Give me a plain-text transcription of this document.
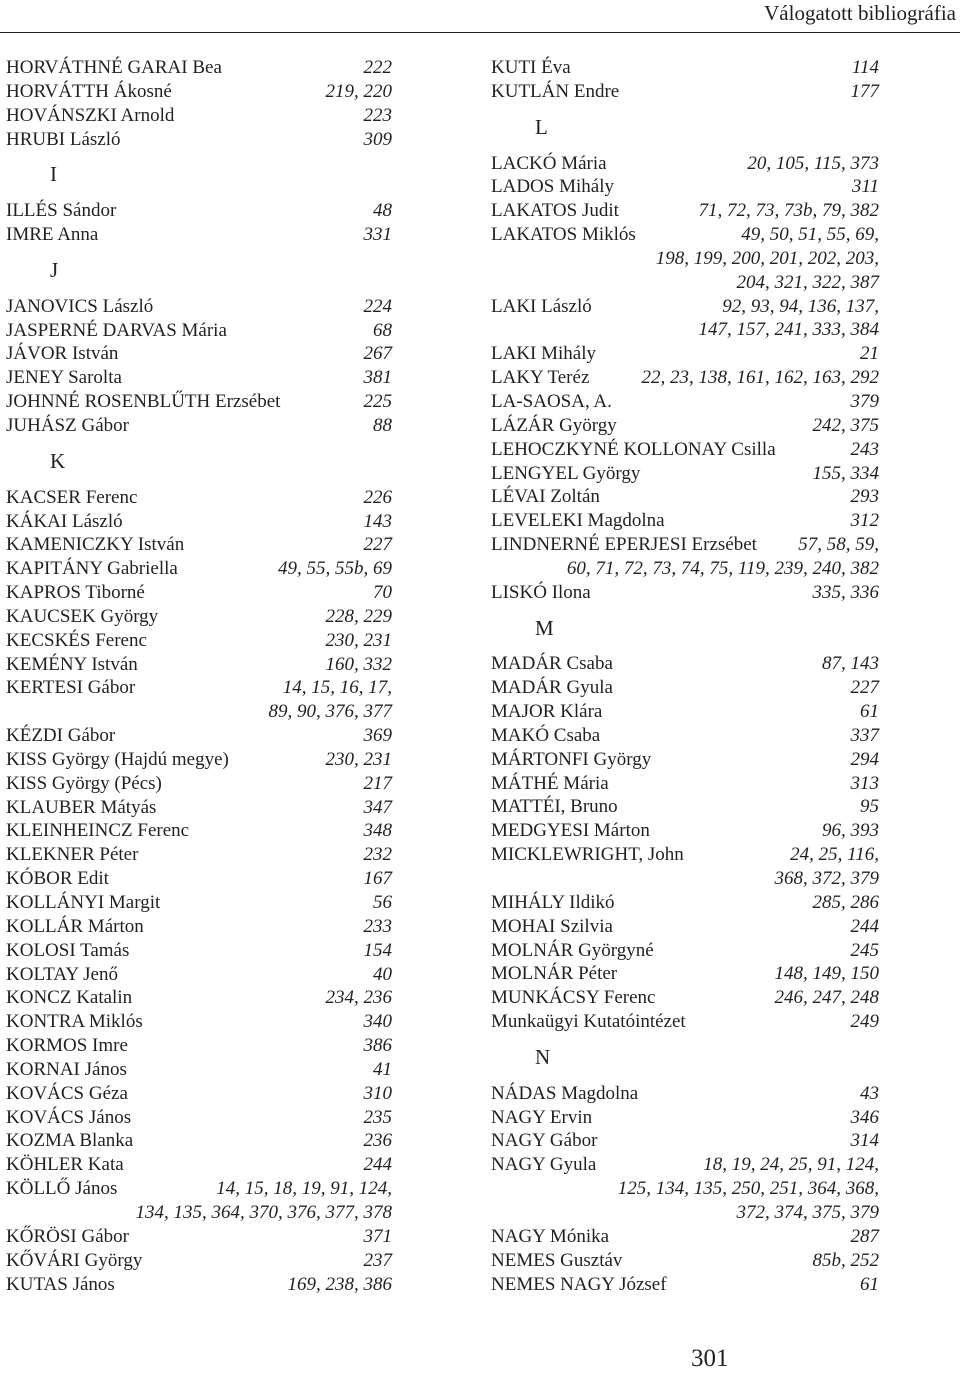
Válogatott bibliográfia
HORVÁTHNÉ GARAI Bea	222
HORVÁTTH Ákosné	219, 220
HOVÁNSZKI Arnold	223
HRUBI László	309
I
ILLÉS Sándor	48
IMRE Anna	331
J
JANOVICS László	224
JASPERNÉ DARVAS Mária	68
JÁVOR István	267
JENEY Sarolta	381
JOHNNÉ ROSENBLŰTH Erzsébet	225
JUHÁSZ Gábor	88
K
KACSER Ferenc	226
KÁKAI László	143
KAMENICZKY István	227
KAPITÁNY Gabriella	49, 55, 55b, 69
KAPROS Tiborné	70
KAUCSEK György	228, 229
KECSKÉS Ferenc	230, 231
KEMÉNY István	160, 332
KERTESI Gábor	14, 15, 16, 17,
89, 90, 376, 377
KÉZDI Gábor	369
KISS György (Hajdú megye)	230, 231
KISS György (Pécs)	217
KLAUBER Mátyás	347
KLEINHEINCZ Ferenc	348
KLEKNER Péter	232
KÓBOR Edit	167
KOLLÁNYI Margit	56
KOLLÁR Márton	233
KOLOSI Tamás	154
KOLTAY Jenő	40
KONCZ Katalin	234, 236
KONTRA Miklós	340
KORMOS Imre	386
KORNAI János	41
KOVÁCS Géza	310
KOVÁCS János	235
KOZMA Blanka	236
KÖHLER Kata	244
KÖLLŐ János	14, 15, 18, 19, 91, 124,
134, 135, 364, 370, 376, 377, 378
KŐRÖSI Gábor	371
KŐVÁRI György	237
KUTAS János	169, 238, 386
KUTI Éva	114
KUTLÁN Endre	177
L
LACKÓ Mária	20, 105, 115, 373
LADOS Mihály	311
LAKATOS Judit	71, 72, 73, 73b, 79, 382
LAKATOS Miklós	49, 50, 51, 55, 69,
198, 199, 200, 201, 202, 203,
204, 321, 322, 387
LAKI László	92, 93, 94, 136, 137,
147, 157, 241, 333, 384
LAKI Mihály	21
LAKY Teréz	22, 23, 138, 161, 162, 163, 292
LA-SAOSA, A.	379
LÁZÁR György	242, 375
LEHOCZKYNÉ KOLLONAY Csilla	243
LENGYEL György	155, 334
LÉVAI Zoltán	293
LEVELEKI Magdolna	312
LINDNERNÉ EPERJESI Erzsébet 57, 58, 59,
60, 71, 72, 73, 74, 75, 119, 239, 240, 382
LISKÓ Ilona	335, 336
M
MADÁR Csaba	87, 143
MADÁR Gyula	227
MAJOR Klára	61
MAKÓ Csaba	337
MÁRTONFI György	294
MÁTHÉ Mária	313
MATTÉI, Bruno	95
MEDGYESI Márton	96, 393
MICKLEWRIGHT, John	24, 25, 116,
368, 372, 379
MIHÁLY Ildikó	285, 286
MOHAI Szilvia	244
MOLNÁR Györgyné	245
MOLNÁR Péter	148, 149, 150
MUNKÁCSY Ferenc	246, 247, 248
Munkaügyi Kutatóintézet	249
N
NÁDAS Magdolna	43
NAGY Ervin	346
NAGY Gábor	314
NAGY Gyula	18, 19, 24, 25, 91, 124,
125, 134, 135, 250, 251, 364, 368,
372, 374, 375, 379
NAGY Mónika	287
NEMES Gusztáv	85b, 252
NEMES NAGY József	61
301
